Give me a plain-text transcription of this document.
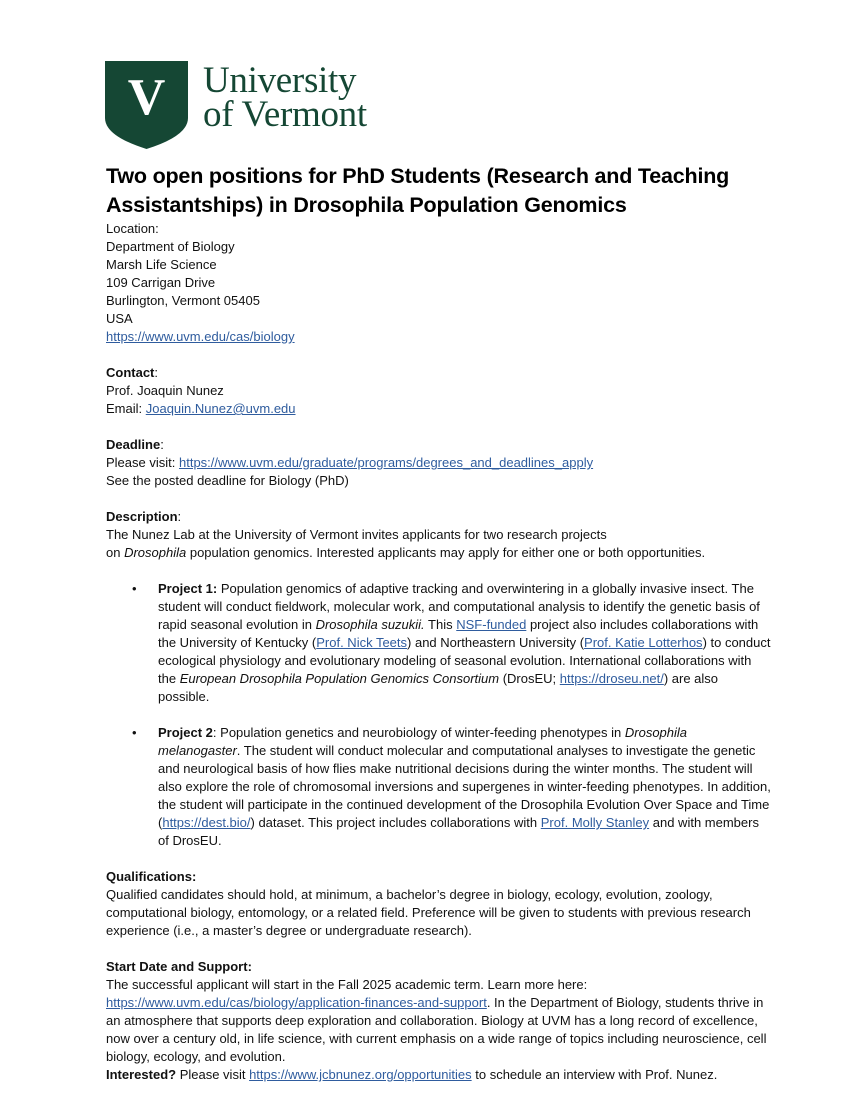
V University
of Vermont
Two open positions for PhD Students (Research and Teaching Assistantships) in Drosophila Population Genomics

Location:

Department of Biology

Marsh Life Science

109 Carrigan Drive

Burlington, Vermont 05405

USA

https://www.uvm.edu/cas/biology

Contact:

Prof. Joaquin Nunez

Email: Joaquin.Nunez@uvm.edu

Deadline:

Please visit: https://www.uvm.edu/graduate/programs/degrees_and_deadlines_apply

See the posted deadline for Biology (PhD)

Description:

The Nunez Lab at the University of Vermont invites applicants for two research projects

on Drosophila population genomics. Interested applicants may apply for either one or both opportunities.

• Project 1: Population genomics of adaptive tracking and overwintering in a globally invasive insect. The student will conduct fieldwork, molecular work, and computational analysis to identify the genetic basis of rapid seasonal evolution in Drosophila suzukii. This NSF-funded project also includes collaborations with the University of Kentucky (Prof. Nick Teets) and Northeastern University (Prof. Katie Lotterhos) to conduct ecological physiology and evolutionary modeling of seasonal evolution. International collaborations with the European Drosophila Population Genomics Consortium (DrosEU; https://droseu.net/) are also possible.
• Project 2: Population genetics and neurobiology of winter-feeding phenotypes in Drosophila melanogaster. The student will conduct molecular and computational analyses to investigate the genetic and neurological basis of how flies make nutritional decisions during the winter months. The student will also explore the role of chromosomal inversions and supergenes in winter-feeding phenotypes. In addition, the student will participate in the continued development of the Drosophila Evolution Over Space and Time (https://dest.bio/) dataset. This project includes collaborations with Prof. Molly Stanley and with members of DrosEU.

Qualifications:

Qualified candidates should hold, at minimum, a bachelor’s degree in biology, ecology, evolution, zoology, computational biology, entomology, or a related field. Preference will be given to students with previous research experience (i.e., a master’s degree or undergraduate research).

Start Date and Support:

The successful applicant will start in the Fall 2025 academic term. Learn more here: https://www.uvm.edu/cas/biology/application-finances-and-support. In the Department of Biology, students thrive in an atmosphere that supports deep exploration and collaboration. Biology at UVM has a long record of excellence, now over a century old, in life science, with current emphasis on a wide range of topics including neuroscience, cell biology, ecology, and evolution.

Interested? Please visit https://www.jcbnunez.org/opportunities to schedule an interview with Prof. Nunez.
